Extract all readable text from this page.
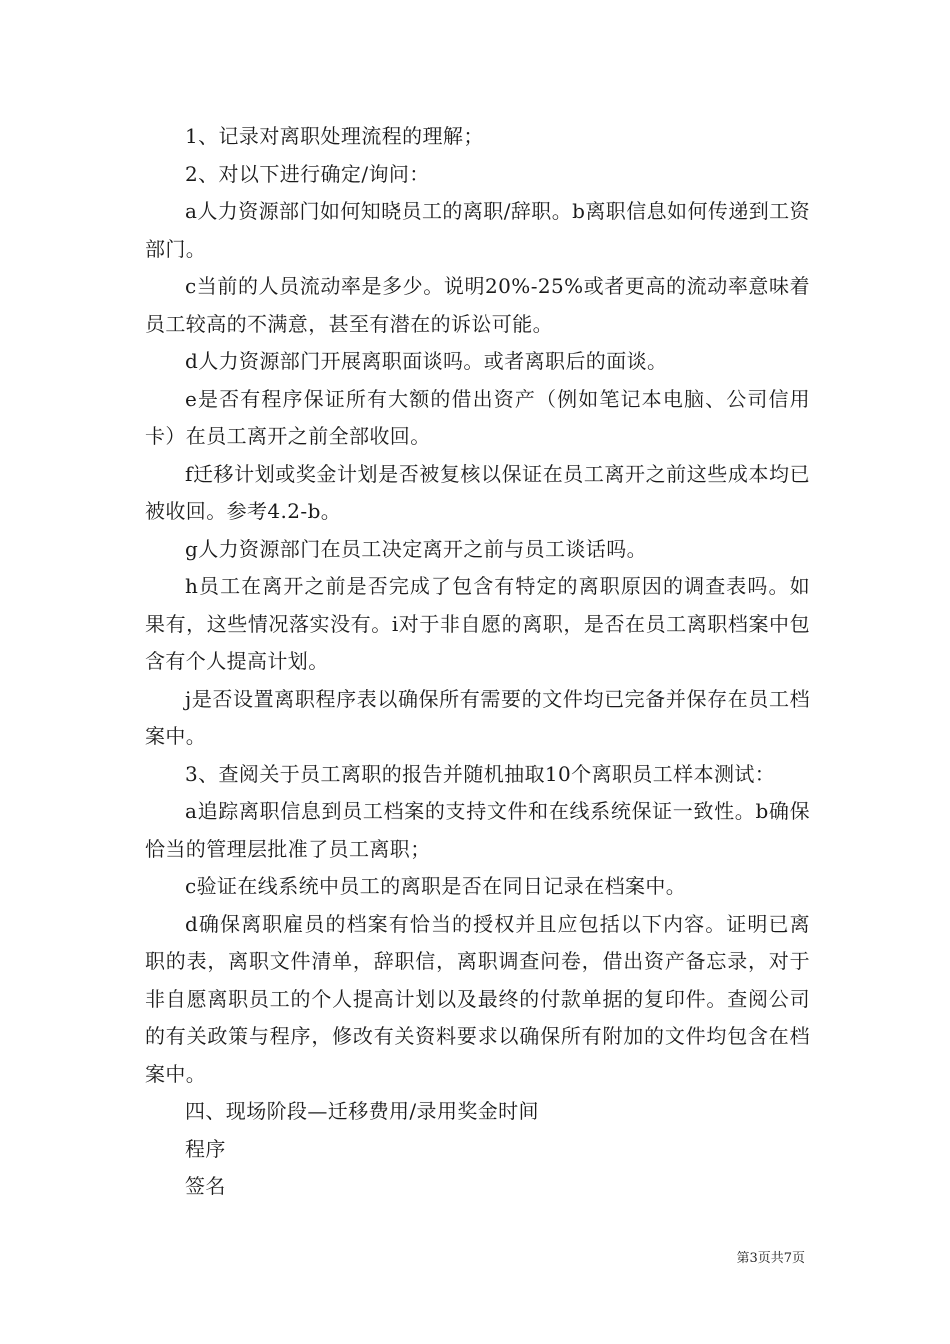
1、记录对离职处理流程的理解；

2、对以下进行确定/询问：

a人力资源部门如何知晓员工的离职/辞职。b离职信息如何传递到工资部门。

c当前的人员流动率是多少。说明20%-25%或者更高的流动率意味着员工较高的不满意，甚至有潜在的诉讼可能。

d人力资源部门开展离职面谈吗。或者离职后的面谈。

e是否有程序保证所有大额的借出资产（例如笔记本电脑、公司信用卡）在员工离开之前全部收回。

f迁移计划或奖金计划是否被复核以保证在员工离开之前这些成本均已被收回。参考4.2-b。

g人力资源部门在员工决定离开之前与员工谈话吗。

h员工在离开之前是否完成了包含有特定的离职原因的调查表吗。如果有，这些情况落实没有。i对于非自愿的离职，是否在员工离职档案中包含有个人提高计划。

j是否设置离职程序表以确保所有需要的文件均已完备并保存在员工档案中。

3、查阅关于员工离职的报告并随机抽取10个离职员工样本测试：

a追踪离职信息到员工档案的支持文件和在线系统保证一致性。b确保恰当的管理层批准了员工离职；

c验证在线系统中员工的离职是否在同日记录在档案中。

d确保离职雇员的档案有恰当的授权并且应包括以下内容。证明已离职的表，离职文件清单，辞职信，离职调查问卷，借出资产备忘录，对于非自愿离职员工的个人提高计划以及最终的付款单据的复印件。查阅公司的有关政策与程序，修改有关资料要求以确保所有附加的文件均包含在档案中。

四、现场阶段—迁移费用/录用奖金时间

程序

签名

第3页共7页
